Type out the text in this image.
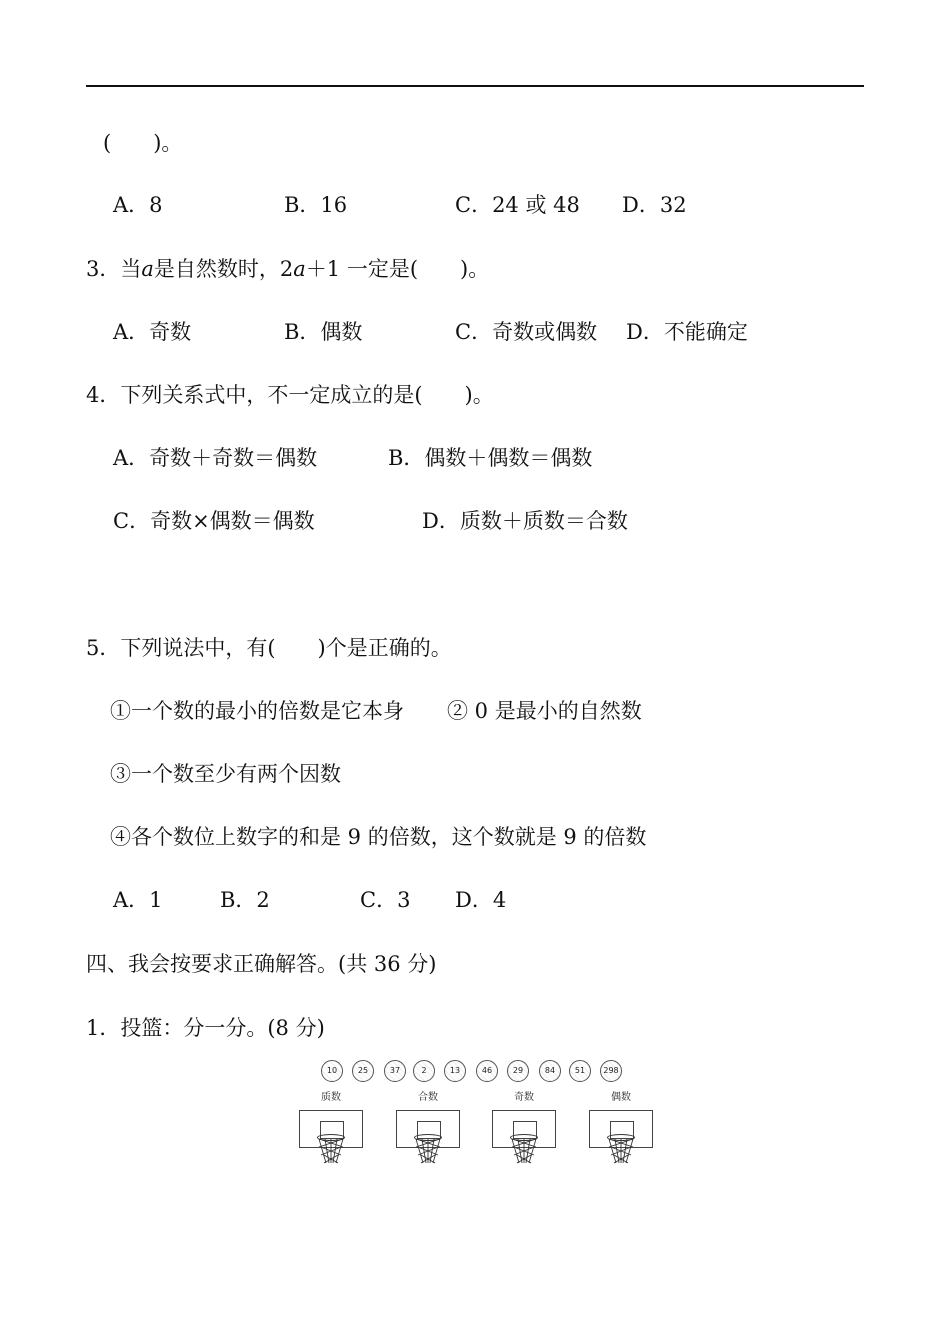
(　　)。
A．8	B．16	C．24 或 48 D．32
3．当a是自然数时，2a＋1 一定是(　　)。
A．奇数	B．偶数	C．奇数或偶数 D．不能确定
4．下列关系式中，不一定成立的是(　　)。
A．奇数＋奇数＝偶数	B．偶数＋偶数＝偶数
C．奇数×偶数＝偶数	D．质数＋质数＝合数
5．下列说法中，有(　　)个是正确的。
①一个数的最小的倍数是它本身 ② 0 是最小的自然数
③一个数至少有两个因数
④各个数位上数字的和是 9 的倍数，这个数就是 9 的倍数
A．1	B．2	C．3 D．4
四、我会按要求正确解答。(共 36 分)
1．投篮：分一分。(8 分)
10	25	37	2	13	46	29	84	51	298
质数	合数	奇数	偶数
